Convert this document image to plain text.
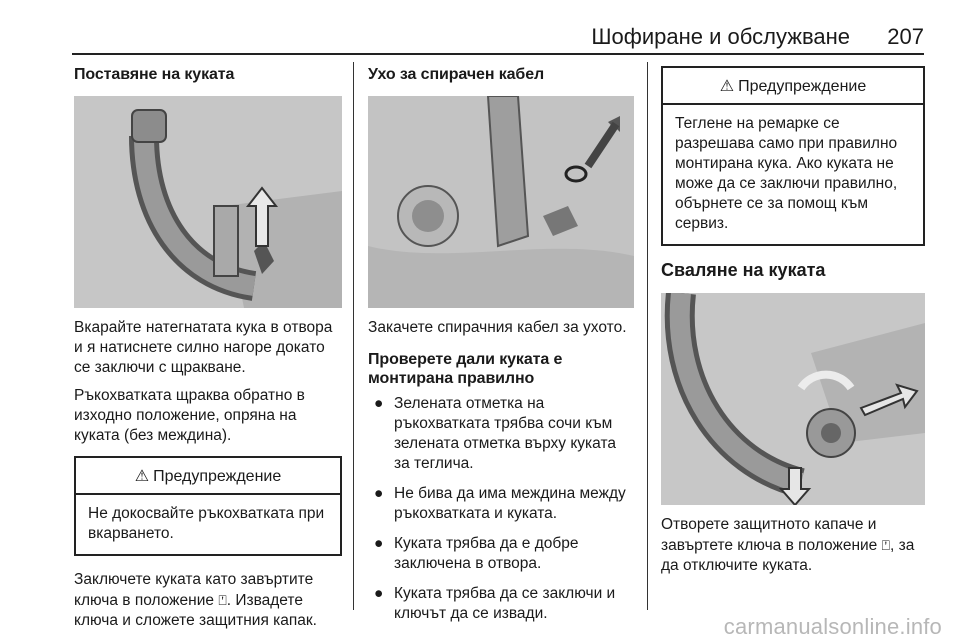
Шофиране и обслужване 207
Поставяне на куката
Вкарайте натегнатата кука в отвора и я натиснете силно нагоре докато се заключи с щракване.
Ръкохватката щраква обратно в изходно положение, опряна на куката (без междина).
⚠ Предупреждение
Не докосвайте ръкохватката при вкарването.
Заключете куката като завъртите ключа в положение ⍞. Извадете ключа и сложете защитния капак.
Ухо за спирачен кабел
Закачете спирачния кабел за ухото.
Проверете дали куката е монтирана правилно
● Зелената отметка на ръкохватката трябва сочи към зелената отметка върху куката за теглича.
● Не бива да има междина между ръкохватката и куката.
● Куката трябва да е добре заключена в отвора.
● Куката трябва да се заключи и ключът да се извади.
⚠ Предупреждение
Теглене на ремарке се разрешава само при правилно монтирана кука. Ако куката не може да се заключи правилно, обърнете се за помощ към сервиз.
Сваляне на куката
Отворете защитното капаче и завъртете ключа в положение ⍞, за да отключите куката.
carmanualsonline.info
